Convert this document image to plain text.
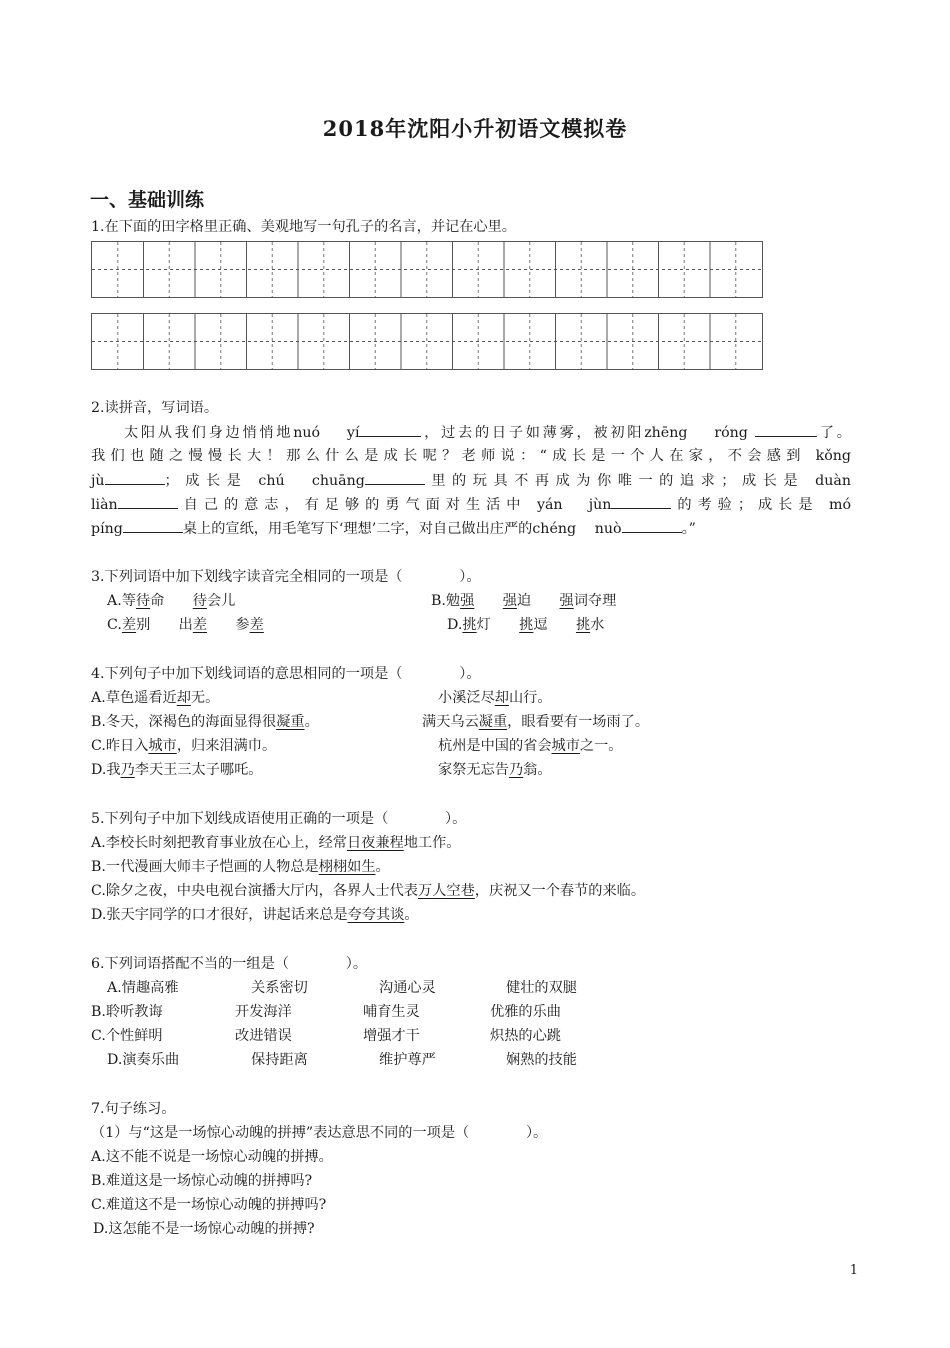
2018年沈阳小升初语文模拟卷
一、基础训练
1.在下面的田字格里正确、美观地写一句孔子的名言，并记在心里。
2.读拼音，写词语。
太阳从我们身边悄悄地nuó　 yí	，过去的日子如薄雾，被初阳zhēng　 róng	了。
我们也随之慢慢长大！那么什么是成长呢？老师说：“成长是一个人在家，不会感到 kǒng
jù	；成长是 chú　chuāng	里的玩具不再成为你唯一的追求；成长是 duàn
liàn	自己的意志，有足够的勇气面对生活中 yán　jùn	的考验；成长是 mó
píng	桌上的宣纸，用毛笔写下‘理想’二字，对自己做出庄严的chéng　 nuò	。”
3.下列词语中加下划线字读音完全相同的一项是（　　　　）。
A.等待命　　待会儿	B.勉强　　 强迫　　强词夺理
C.差别　　出差　　参差	D.挑灯　　挑逗　　挑水
4.下列句子中加下划线词语的意思相同的一项是（　　　　）。
A.草色遥看近却无。	小溪泛尽却山行。
B.冬天，深褐色的海面显得很凝重。	满天乌云凝重，眼看要有一场雨了。
C.昨日入城市，归来泪满巾。	杭州是中国的省会城市之一。
D.我乃李天王三太子哪吒。	家祭无忘告乃翁。
5.下列句子中加下划线成语使用正确的一项是（　　　　）。
A.李校长时刻把教育事业放在心上，经常日夜兼程地工作。
B.一代漫画大师丰子恺画的人物总是栩栩如生。
C.除夕之夜，中央电视台演播大厅内，各界人士代表万人空巷，庆祝又一个春节的来临。
D.张天宇同学的口才很好，讲起话来总是夸夸其谈。
6.下列词语搭配不当的一组是（　　　　）。
A.情趣高雅	关系密切	沟通心灵	健壮的双腿
B.聆听教诲	开发海洋	哺育生灵	优雅的乐曲
C.个性鲜明	改进错误	增强才干	炽热的心跳
D.演奏乐曲	保持距离	维护尊严	娴熟的技能
7.句子练习。
（1）与“这是一场惊心动魄的拼搏”表达意思不同的一项是（　　　　）。
A.这不能不说是一场惊心动魄的拼搏。
B.难道这是一场惊心动魄的拼搏吗?
C.难道这不是一场惊心动魄的拼搏吗?
D.这怎能不是一场惊心动魄的拼搏?
1
